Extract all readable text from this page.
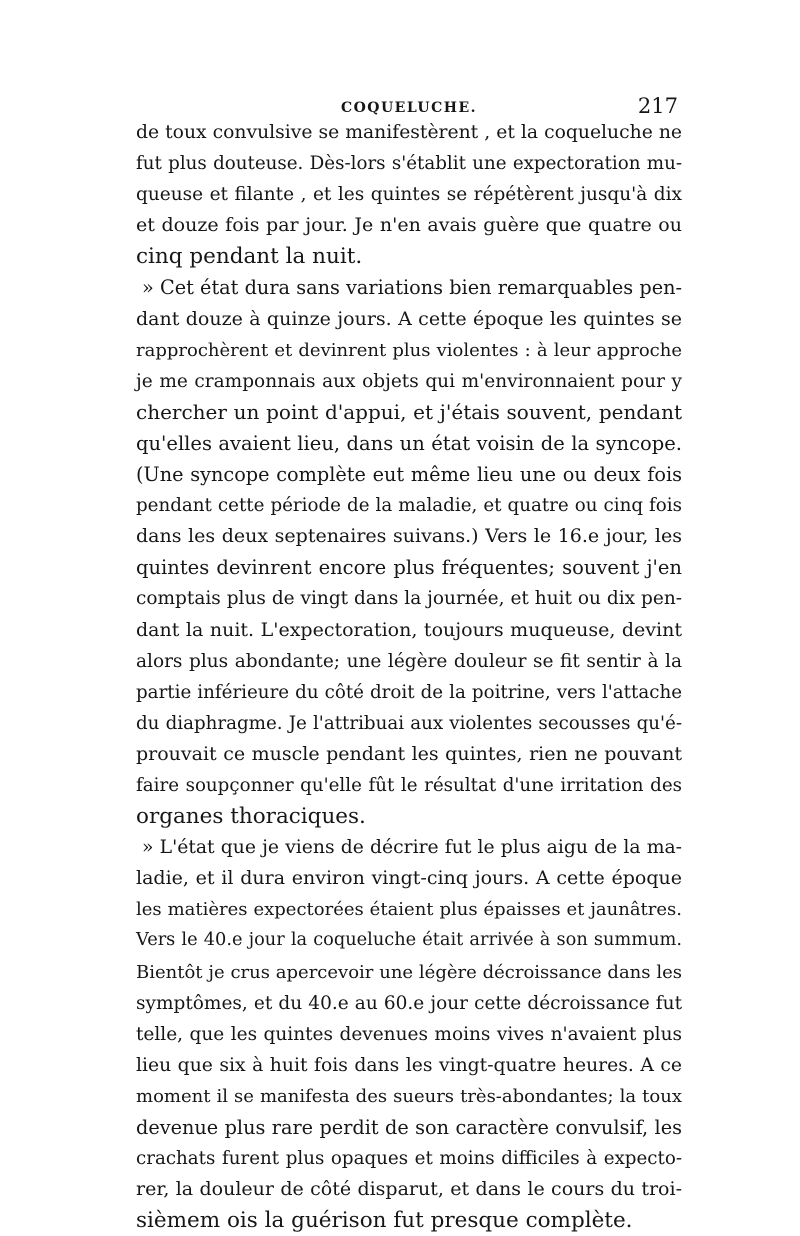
COQUELUCHE.	217
de toux convulsive se manifestèrent , et la coqueluche ne
fut plus douteuse. Dès-lors s'établit une expectoration mu-
queuse et filante , et les quintes se répétèrent jusqu'à dix
et douze fois par jour. Je n'en avais guère que quatre ou
cinq pendant la nuit.
» Cet état dura sans variations bien remarquables pen-
dant douze à quinze jours. A cette époque les quintes se
rapprochèrent et devinrent plus violentes : à leur approche
je me cramponnais aux objets qui m'environnaient pour y
chercher un point d'appui, et j'étais souvent, pendant
qu'elles avaient lieu, dans un état voisin de la syncope.
(Une syncope complète eut même lieu une ou deux fois
pendant cette période de la maladie, et quatre ou cinq fois
dans les deux septenaires suivans.) Vers le 16.e jour, les
quintes devinrent encore plus fréquentes; souvent j'en
comptais plus de vingt dans la journée, et huit ou dix pen-
dant la nuit. L'expectoration, toujours muqueuse, devint
alors plus abondante; une légère douleur se fit sentir à la
partie inférieure du côté droit de la poitrine, vers l'attache
du diaphragme. Je l'attribuai aux violentes secousses qu'é-
prouvait ce muscle pendant les quintes, rien ne pouvant
faire soupçonner qu'elle fût le résultat d'une irritation des
organes thoraciques.
» L'état que je viens de décrire fut le plus aigu de la ma-
ladie, et il dura environ vingt-cinq jours. A cette époque
les matières expectorées étaient plus épaisses et jaunâtres.
Vers le 40.e jour la coqueluche était arrivée à son summum.
Bientôt je crus apercevoir une légère décroissance dans les
symptômes, et du 40.e au 60.e jour cette décroissance fut
telle, que les quintes devenues moins vives n'avaient plus
lieu que six à huit fois dans les vingt-quatre heures. A ce
moment il se manifesta des sueurs très-abondantes; la toux
devenue plus rare perdit de son caractère convulsif, les
crachats furent plus opaques et moins difficiles à expecto-
rer, la douleur de côté disparut, et dans le cours du troi-
sièmem ois la guérison fut presque complète.
